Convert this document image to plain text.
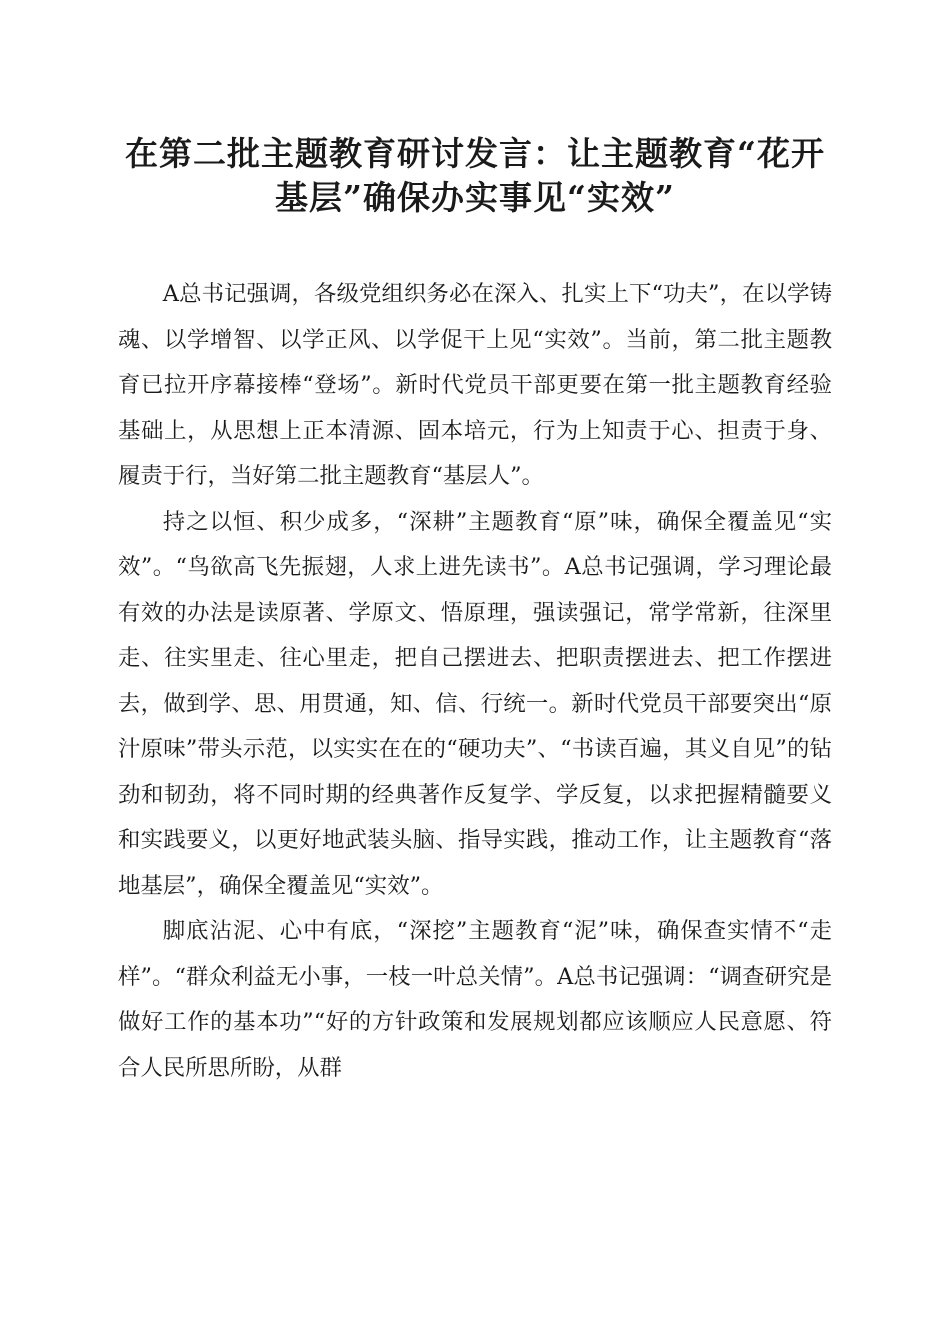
在第二批主题教育研讨发言：让主题教育“花开基层”确保办实事见“实效”

A总书记强调，各级党组织务必在深入、扎实上下“功夫”，在以学铸魂、以学增智、以学正风、以学促干上见“实效”。当前，第二批主题教育已拉开序幕接棒“登场”。新时代党员干部更要在第一批主题教育经验基础上，从思想上正本清源、固本培元，行为上知责于心、担责于身、履责于行，当好第二批主题教育“基层人”。

持之以恒、积少成多，“深耕”主题教育“原”味，确保全覆盖见“实效”。“鸟欲高飞先振翅，人求上进先读书”。A总书记强调，学习理论最有效的办法是读原著、学原文、悟原理，强读强记，常学常新，往深里走、往实里走、往心里走，把自己摆进去、把职责摆进去、把工作摆进去，做到学、思、用贯通，知、信、行统一。新时代党员干部要突出“原汁原味”带头示范，以实实在在的“硬功夫”、“书读百遍，其义自见”的钻劲和韧劲，将不同时期的经典著作反复学、学反复，以求把握精髓要义和实践要义，以更好地武装头脑、指导实践，推动工作，让主题教育“落地基层”，确保全覆盖见“实效”。

脚底沾泥、心中有底，“深挖”主题教育“泥”味，确保查实情不“走样”。“群众利益无小事，一枝一叶总关情”。A总书记强调：“调查研究是做好工作的基本功”“好的方针政策和发展规划都应该顺应人民意愿、符合人民所思所盼，从群
